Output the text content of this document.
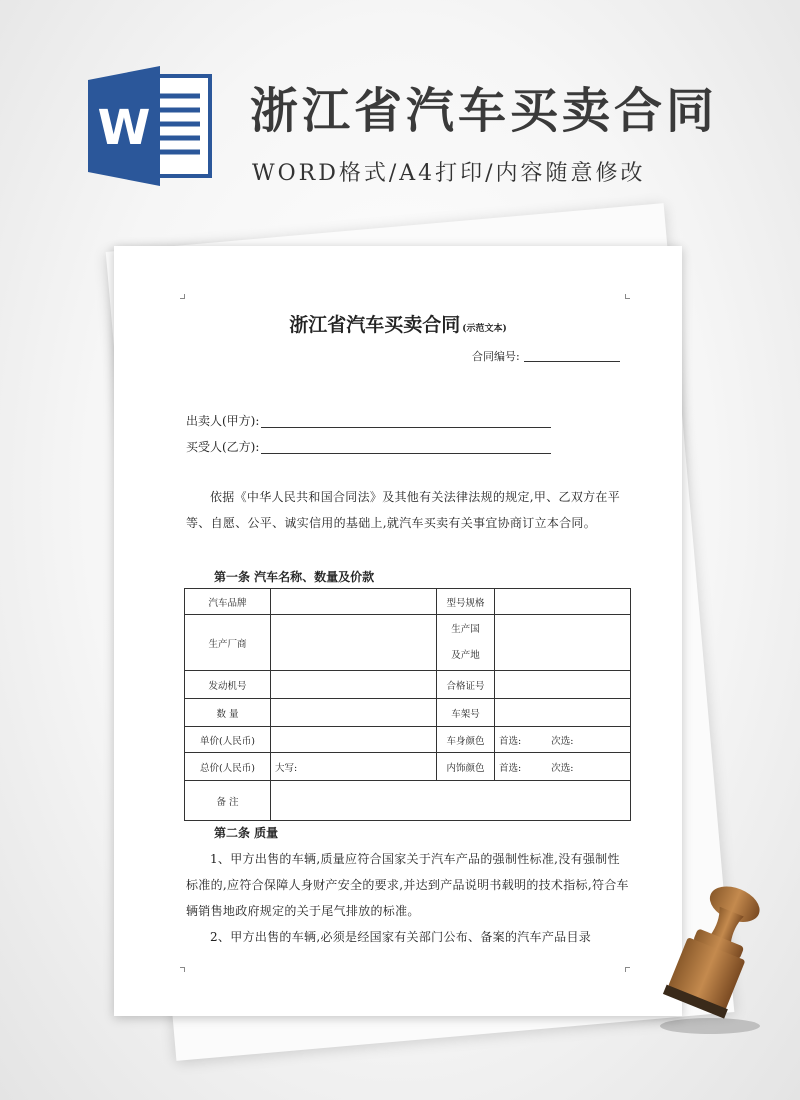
W 浙江省汽车买卖合同
WORD格式/A4打印/内容随意修改
浙江省汽车买卖合同 (示范文本)
合同编号:
出卖人(甲方):
买受人(乙方):
依据《中华人民共和国合同法》及其他有关法律法规的规定,甲、乙双方在平等、自愿、公平、诚实信用的基础上,就汽车买卖有关事宜协商订立本合同。
第一条 汽车名称、数量及价款
汽车品牌		型号规格	
生产厂商		生产国
及产地	

发动机号		合格证号	
数 量		车架号	
单价(人民币)		车身颜色	首选: 次选:
总价(人民币)	大写:	内饰颜色	首选: 次选:
备 注			
第二条 质量
1、甲方出售的车辆,质量应符合国家关于汽车产品的强制性标准,没有强制性标准的,应符合保障人身财产安全的要求,并达到产品说明书载明的技术指标,符合车辆销售地政府规定的关于尾气排放的标准。
2、甲方出售的车辆,必须是经国家有关部门公布、备案的汽车产品目录
